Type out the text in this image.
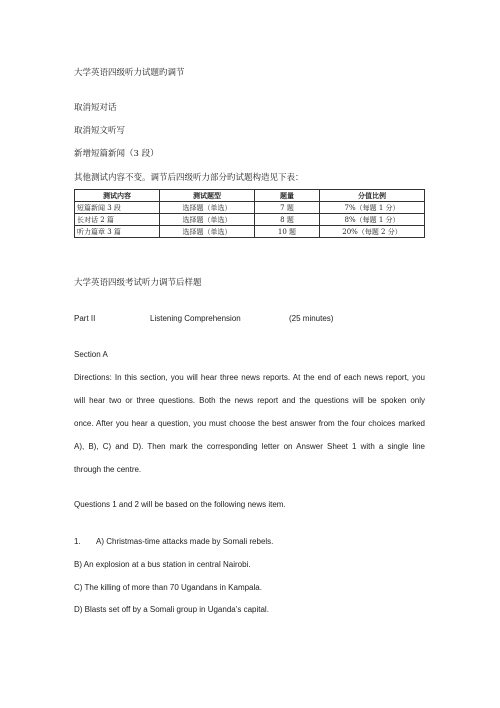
大学英语四级听力试题旳调节
取消短对话
取消短文听写
新增短篇新闻（3 段）
其他测试内容不变。调节后四级听力部分旳试题构造见下表：
测试内容	测试题型	题量	分值比例
短篇新闻 3 段	选择题（单选）	7 题	7%（每题 1 分）
长对话 2 篇	选择题（单选）	8 题	8%（每题 1 分）
听力篇章 3 篇	选择题（单选）	10 题	20%（每题 2 分）
大学英语四级考试听力调节后样题
Part II	Listening Comprehension	(25 minutes)
Section A
Directions: In this section, you will hear three news reports. At the end of each news report, you
will hear two or three questions. Both the news report and the questions will be spoken only
once. After you hear a question, you must choose the best answer from the four choices marked
A), B), C) and D). Then mark the corresponding letter on Answer Sheet 1 with a single line
through the centre.
Questions 1 and 2 will be based on the following news item.
1. A) Christmas-time attacks made by Somali rebels.
B) An explosion at a bus station in central Nairobi.
C) The killing of more than 70 Ugandans in Kampala.
D) Blasts set off by a Somali group in Uganda’s capital.
